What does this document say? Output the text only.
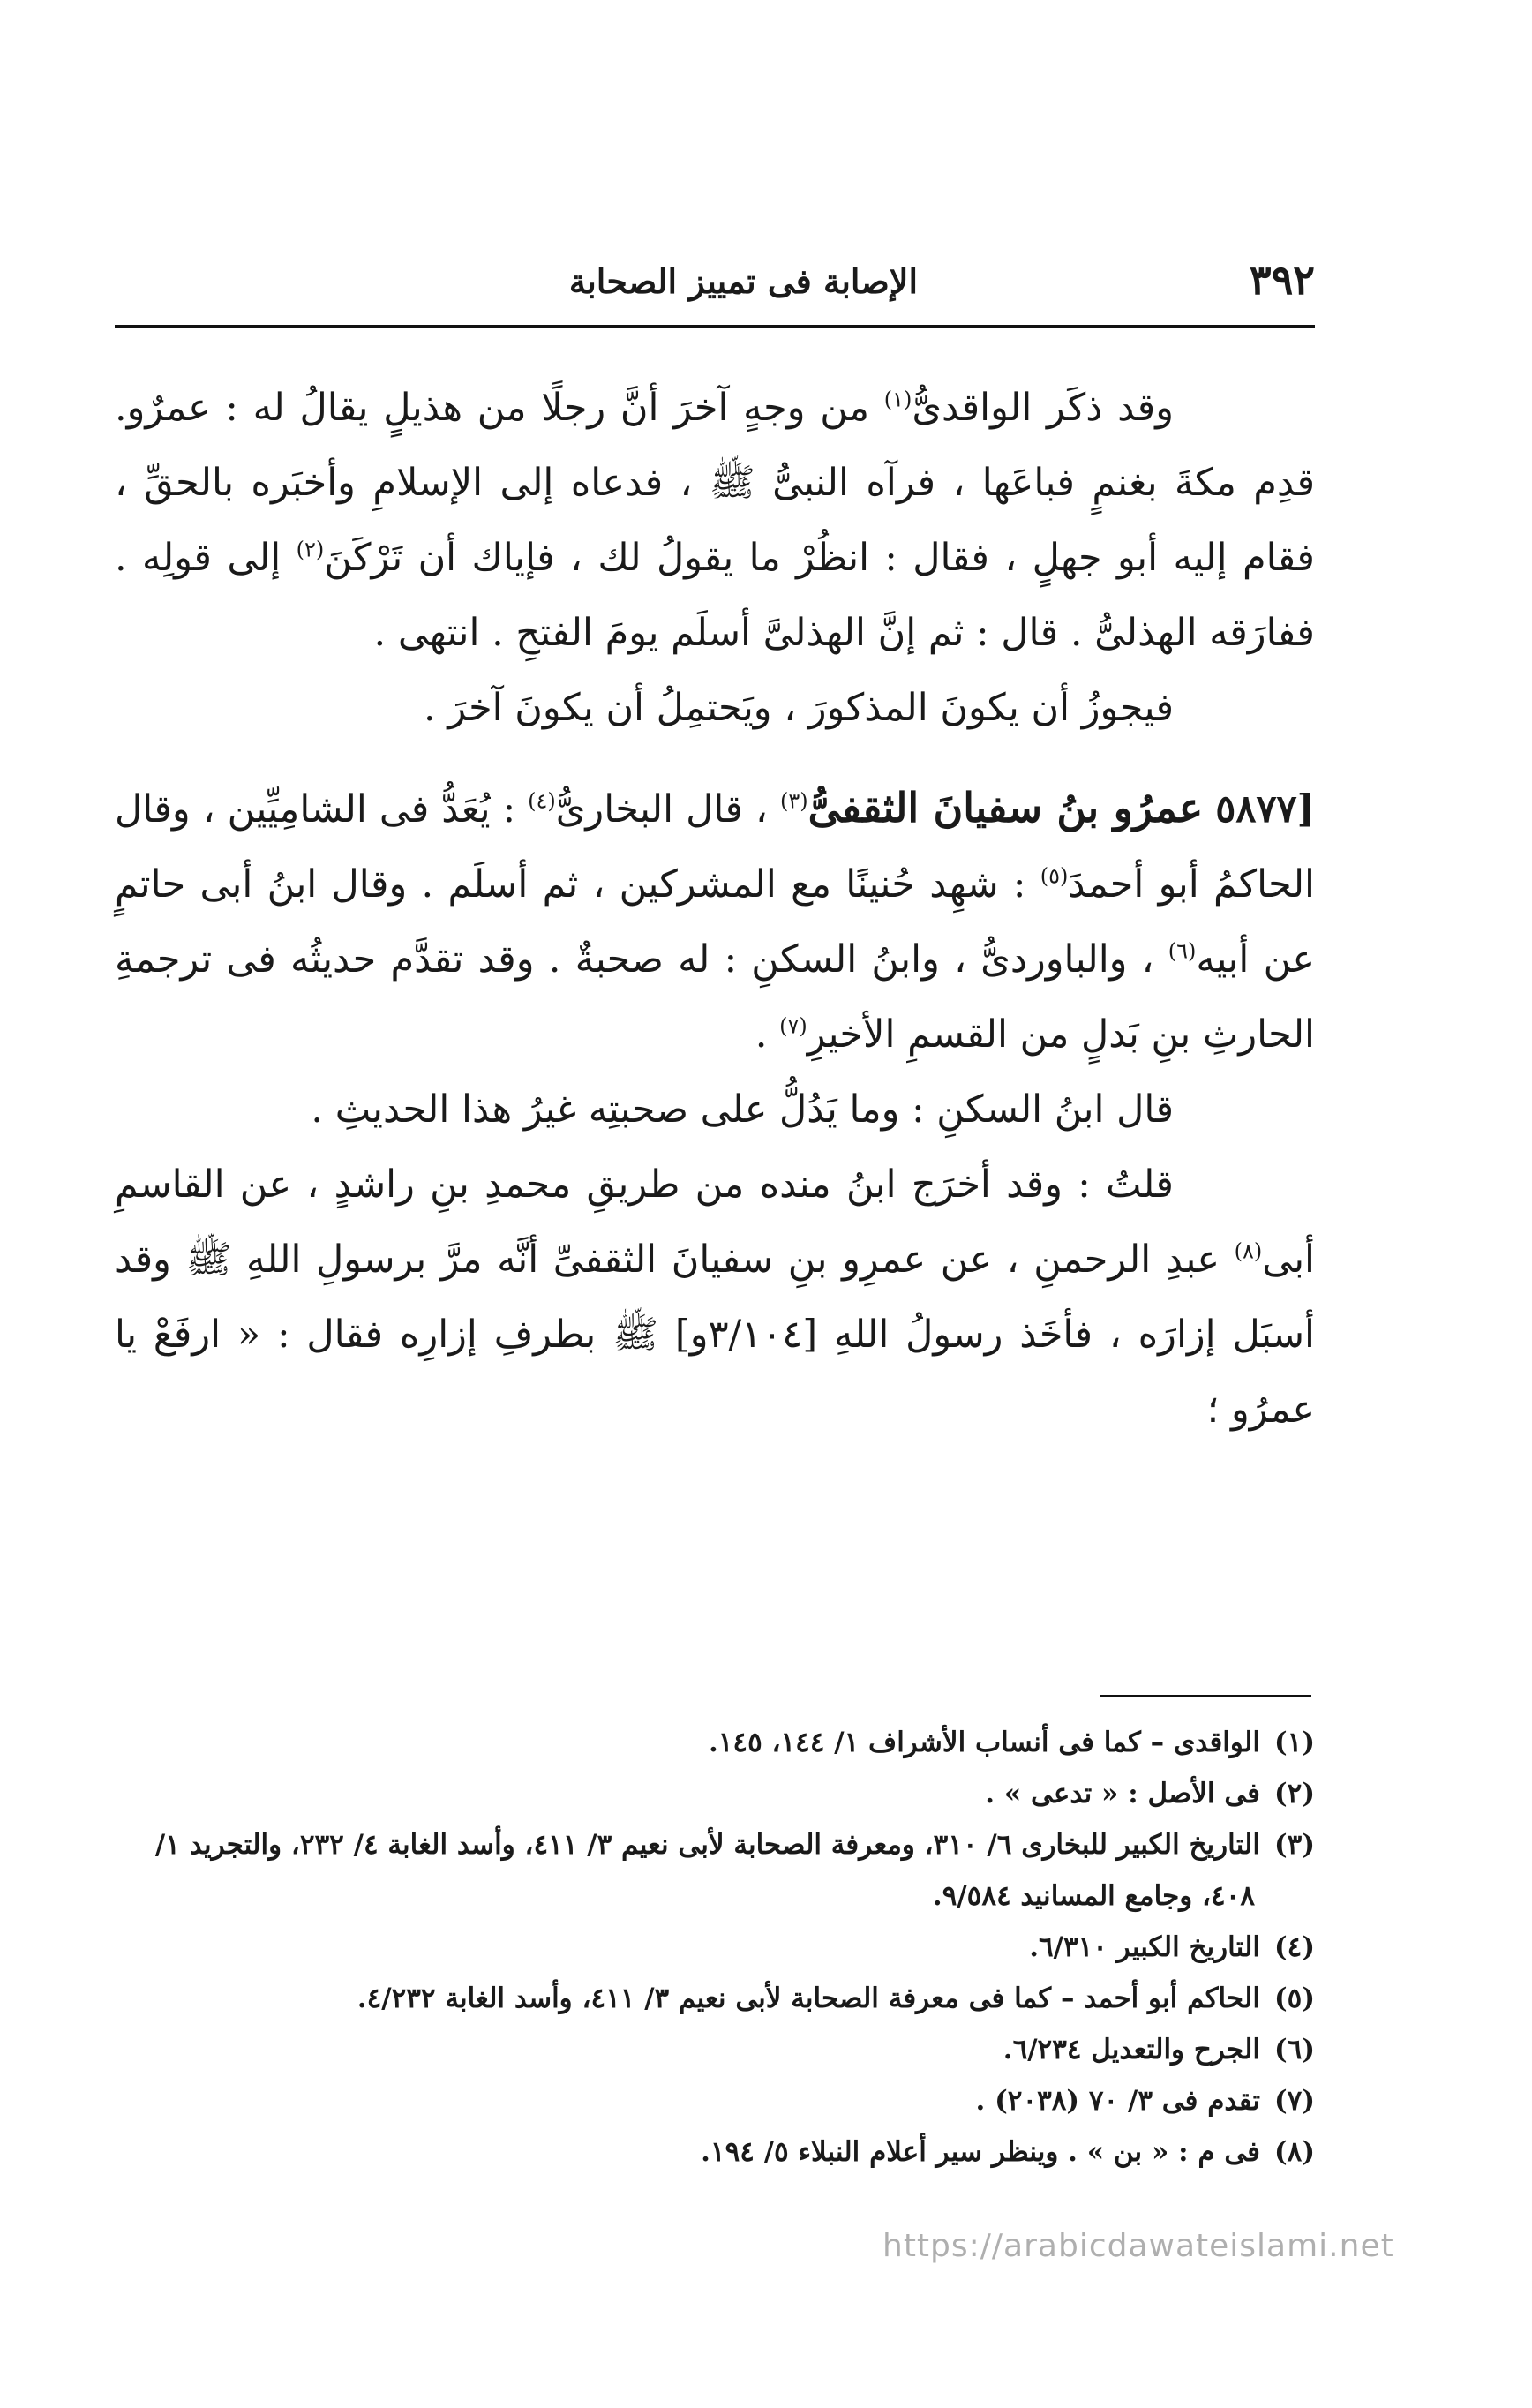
٣٩٢
الإصابة فى تمييز الصحابة

وقد ذكَر الواقدىُّ$^{(١)}$ من وجهٍ آخرَ أنَّ رجلًا من هذيلٍ يقالُ له : عمرٌو. قدِم مكةَ بغنمٍ فباعَها ، فرآه النبىُّ ﷺ ، فدعاه إلى الإسلامِ وأخبَره بالحقِّ ، فقام إليه أبو جهلٍ ، فقال : انظُرْ ما يقولُ لك ، فإياك أن تَرْكَنَ$^{(٢)}$ إلى قولِه . ففارَقه الهذلىُّ . قال : ثم إنَّ الهذلىَّ أسلَم يومَ الفتحِ . انتهى .

فيجوزُ أن يكونَ المذكورَ ، ويَحتمِلُ أن يكونَ آخرَ .

[٥٨٧٧ عمرُو بنُ سفيانَ الثقفىُّ$^{(٣)}$ ، قال البخارىُّ$^{(٤)}$ : يُعَدُّ فى الشامِيِّين ، وقال الحاكمُ أبو أحمدَ$^{(٥)}$ : شهِد حُنينًا مع المشركين ، ثم أسلَم . وقال ابنُ أبى حاتمٍ عن أبيه$^{(٦)}$ ، والباوردىُّ ، وابنُ السكنِ : له صحبةٌ . وقد تقدَّم حديثُه فى ترجمةِ الحارثِ بنِ بَدلٍ من القسمِ الأخيرِ$^{(٧)}$ .

قال ابنُ السكنِ : وما يَدُلُّ على صحبتِه غيرُ هذا الحديثِ .

قلتُ : وقد أخرَج ابنُ منده من طريقِ محمدِ بنِ راشدٍ ، عن القاسمِ أبى$^{(٨)}$ عبدِ الرحمنِ ، عن عمرِو بنِ سفيانَ الثقفىِّ أنَّه مرَّ برسولِ اللهِ ﷺ وقد أسبَل إزارَه ، فأخَذ رسولُ اللهِ [٣/١٠٤و] ﷺ بطرفِ إزارِه فقال : « ارفَعْ يا عمرُو ؛

(١)الواقدى – كما فى أنساب الأشراف ١/ ١٤٤، ١٤٥.

(٢)فى الأصل : « تدعى » .

(٣)التاريخ الكبير للبخارى ٦/ ٣١٠، ومعرفة الصحابة لأبى نعيم ٣/ ٤١١، وأسد الغابة ٤/ ٢٣٢، والتجريد ١/ ٤٠٨، وجامع المسانيد ٩/٥٨٤.

(٤)التاريخ الكبير ٦/٣١٠.

(٥)الحاكم أبو أحمد – كما فى معرفة الصحابة لأبى نعيم ٣/ ٤١١، وأسد الغابة ٤/٢٣٢.

(٦)الجرح والتعديل ٦/٢٣٤.

(٧)تقدم فى ٣/ ٧٠ (٢٠٣٨) .

(٨)فى م : « بن » . وينظر سير أعلام النبلاء ٥/ ١٩٤.

https://arabicdawateislami.net
